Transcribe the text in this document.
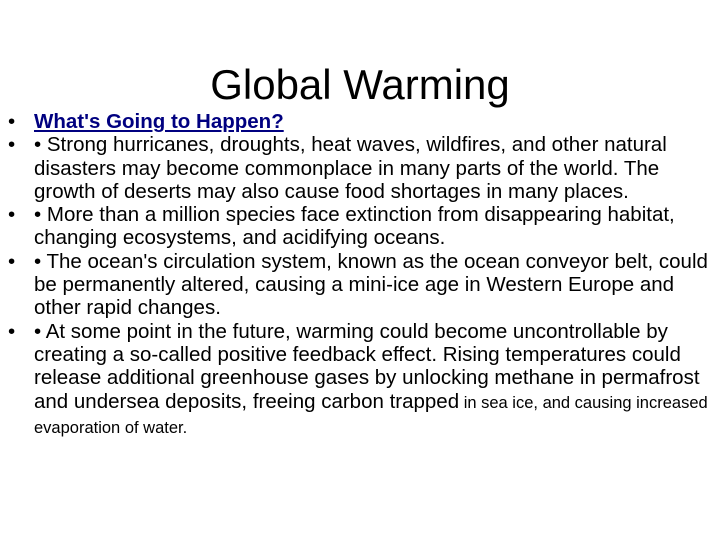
Global Warming
• What's Going to Happen?
• • Strong hurricanes, droughts, heat waves, wildfires, and other natural disasters may become commonplace in many parts of the world. The growth of deserts may also cause food shortages in many places.
• • More than a million species face extinction from disappearing habitat, changing ecosystems, and acidifying oceans.
• • The ocean's circulation system, known as the ocean conveyor belt, could be permanently altered, causing a mini-ice age in Western Europe and other rapid changes.
• • At some point in the future, warming could become uncontrollable by creating a so-called positive feedback effect. Rising temperatures could release additional greenhouse gases by unlocking methane in permafrost and undersea deposits, freeing carbon trapped in sea ice, and causing increased evaporation of water.
